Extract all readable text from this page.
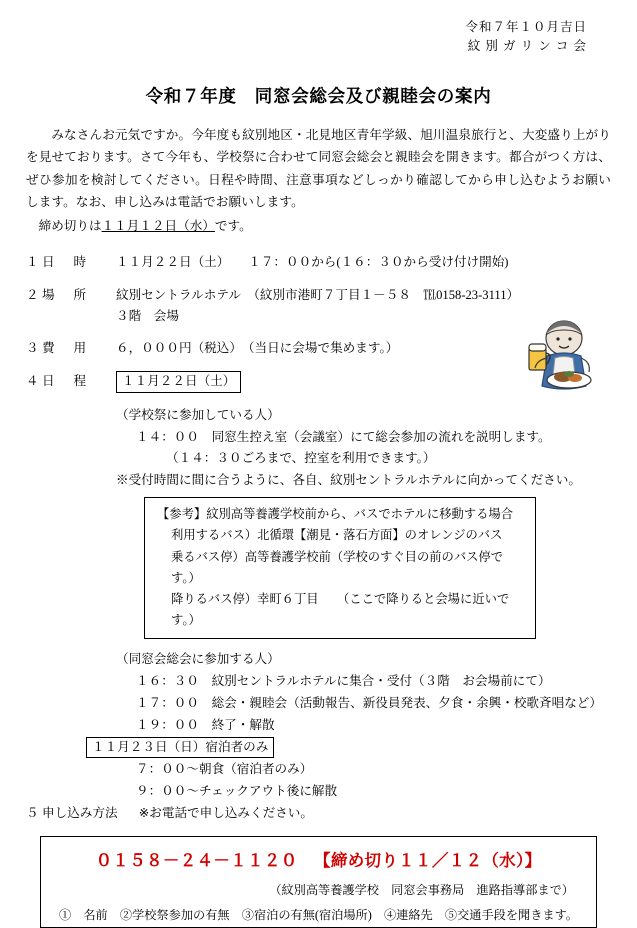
令和７年１０月吉日
紋 別 ガ リ ン コ 会
令和７年度　同窓会総会及び親睦会の案内

　みなさんお元気ですか。今年度も紋別地区・北見地区青年学級、旭川温泉旅行と、大変盛り上がりを見せております。さて今年も、学校祭に合わせて同窓会総会と親睦会を開きます。都合がつく方は、ぜひ参加を検討してください。日程や時間、注意事項などしっかり確認してから申し込むようお願いします。なお、申し込みは電話でお願いします。

締め切りは１１月１２日（水）です。
１ 日　時	１１月２２日（土）　　１７：００から(１６：３０から受け付け開始)
２ 場　所	紋別セントラルホテル　（紋別市港町７丁目１－５８　℡0158-23-3111）
３階　会場
３ 費　用	６，０００円（税込）　（当日に会場で集めます。）
４ 日　程	１１月２２日（土）
（学校祭に参加している人）
１４：００　同窓生控え室（会議室）にて総会参加の流れを説明します。
（１４：３０ごろまで、控室を利用できます。）
※受付時間に間に合うように、各自、紋別セントラルホテルに向かってください。
【参考】紋別高等養護学校前から、バスでホテルに移動する場合
利用するバス）北循環【潮見・落石方面】のオレンジのバス
乗るバス停）高等養護学校前（学校のすぐ目の前のバス停です。）
降りるバス停）幸町６丁目　　（ここで降りると会場に近いです。）
（同窓会総会に参加する人）
１６：３０　紋別セントラルホテルに集合・受付（３階　お会場前にて）
１７：００　総会・親睦会（活動報告、新役員発表、夕食・余興・校歌斉唱など）
１９：００　終了・解散
１１月２３日（日）宿泊者のみ
７：００～朝食（宿泊者のみ）
９：００～チェックアウト後に解散
５ 申し込み方法 ※お電話で申し込みください。
０１５８－２４－１１２０ 【締め切り１１／１２（水）】
（紋別高等養護学校　同窓会事務局　進路指導部まで）
①　名前　②学校祭参加の有無　③宿泊の有無(宿泊場所)　④連絡先　⑤交通手段を聞きます。
